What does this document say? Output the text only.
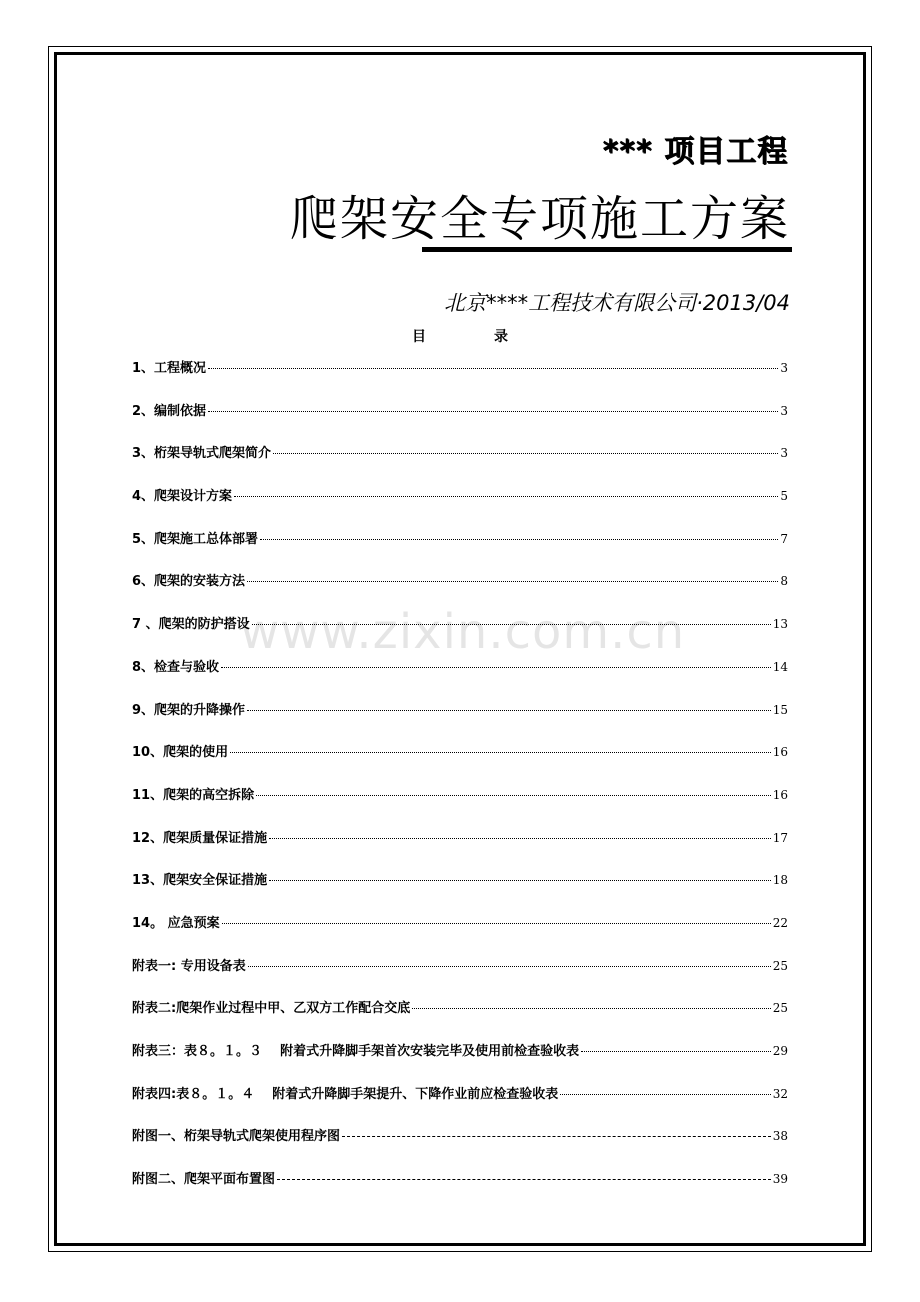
*** 项目工程
爬架安全专项施工方案
北京****工程技术有限公司·2013/04
目	录
www.zixin.com.cn
1、工程概况	3
2、编制依据	3
3、桁架导轨式爬架简介	3
4、爬架设计方案	5
5、爬架施工总体部署	7
6、爬架的安装方法	8
7 、爬架的防护搭设	13
8、检查与验收	14
9、爬架的升降操作	15
10、爬架的使用	16
11、爬架的高空拆除	16
12、爬架质量保证措施	17
13、爬架安全保证措施	18
14。 应急预案	22
附表一: 专用设备表	25
附表二:爬架作业过程中甲、乙双方工作配合交底	25
附表三：表８。１。３    附着式升降脚手架首次安装完毕及使用前检查验收表	29
附表四:表８。１。４    附着式升降脚手架提升、下降作业前应检查验收表	32
附图一、桁架导轨式爬架使用程序图	38
附图二、爬架平面布置图	39
